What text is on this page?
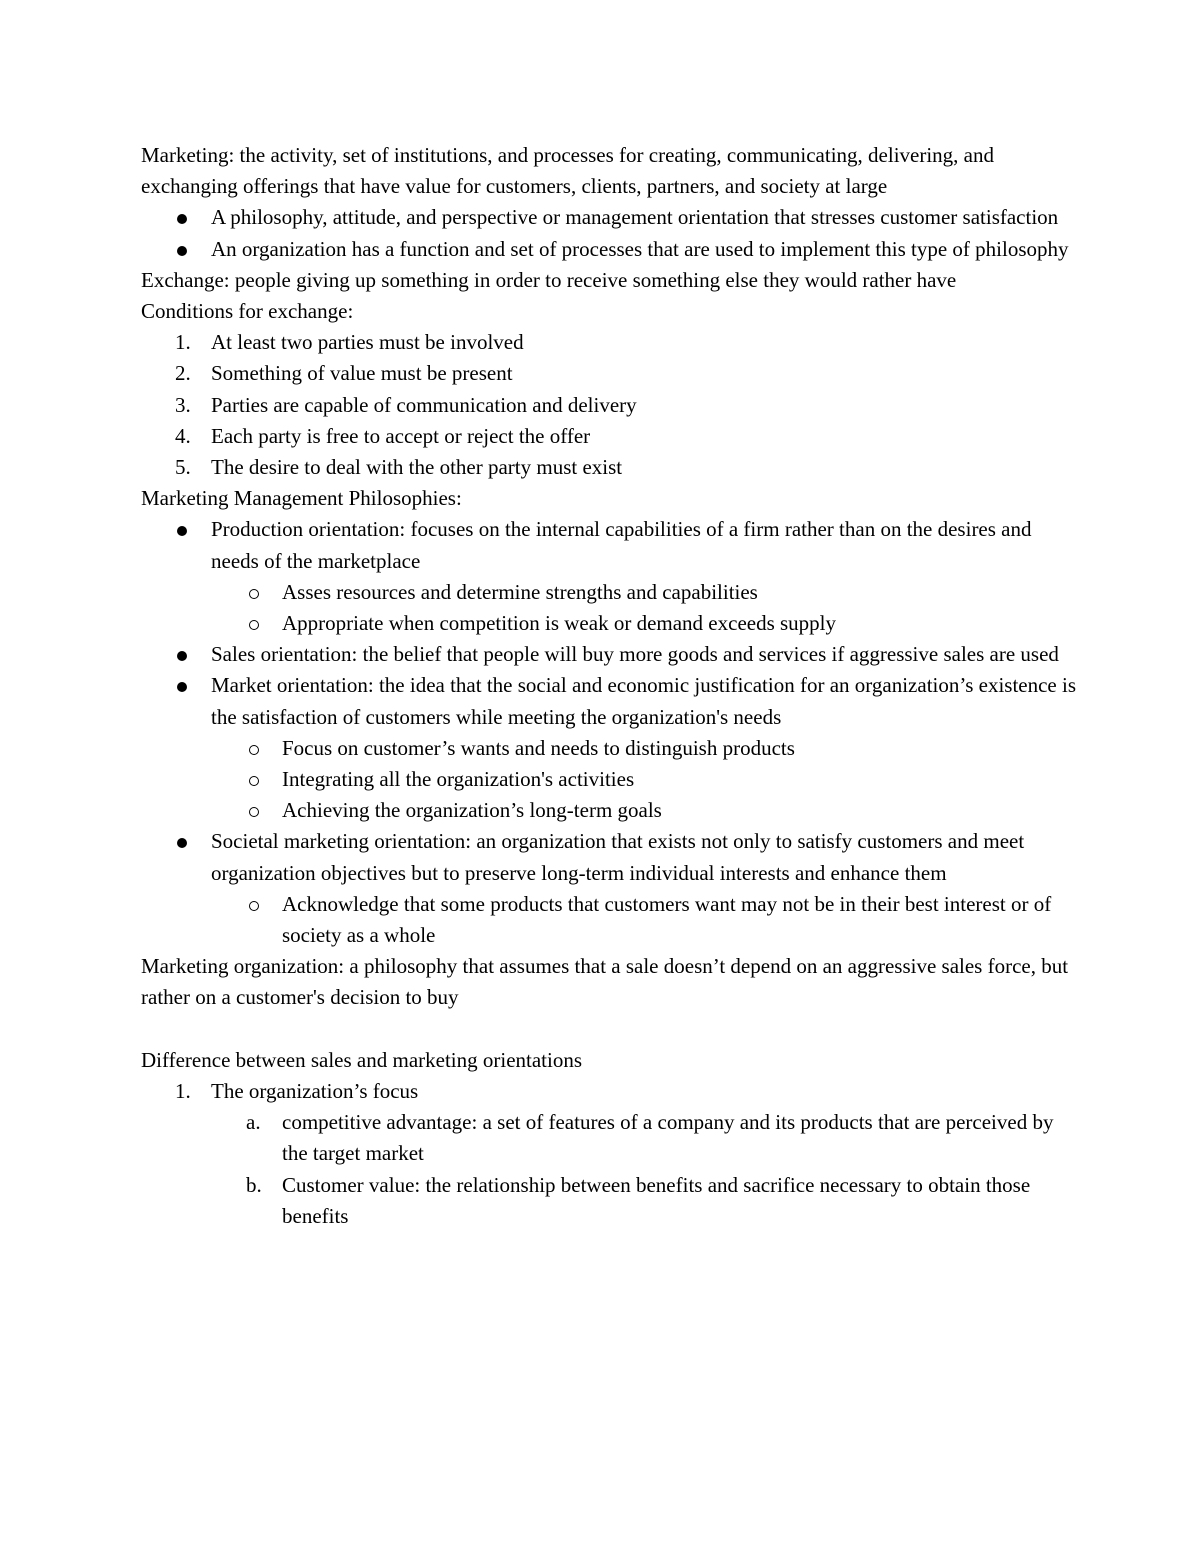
Marketing: the activity, set of institutions, and processes for creating, communicating, delivering, and exchanging offerings that have value for customers, clients, partners, and society at large

A philosophy, attitude, and perspective or management orientation that stresses customer satisfaction
An organization has a function and set of processes that are used to implement this type of philosophy

Exchange: people giving up something in order to receive something else they would rather have

Conditions for exchange:

1. At least two parties must be involved
2. Something of value must be present
3. Parties are capable of communication and delivery
4. Each party is free to accept or reject the offer
5. The desire to deal with the other party must exist

Marketing Management Philosophies:

Production orientation: focuses on the internal capabilities of a firm rather than on the desires and needs of the marketplace
Asses resources and determine strengths and capabilities
Appropriate when competition is weak or demand exceeds supply
Sales orientation: the belief that people will buy more goods and services if aggressive sales are used
Market orientation: the idea that the social and economic justification for an organization’s existence is the satisfaction of customers while meeting the organization's needs
Focus on customer’s wants and needs to distinguish products
Integrating all the organization's activities
Achieving the organization’s long-term goals
Societal marketing orientation: an organization that exists not only to satisfy customers and meet organization objectives but to preserve long-term individual interests and enhance them
Acknowledge that some products that customers want may not be in their best interest or of society as a whole

Marketing organization: a philosophy that assumes that a sale doesn’t depend on an aggressive sales force, but rather on a customer's decision to buy

Difference between sales and marketing orientations

1. The organization’s focus
a. competitive advantage: a set of features of a company and its products that are perceived by the target market
b. Customer value: the relationship between benefits and sacrifice necessary to obtain those benefits
